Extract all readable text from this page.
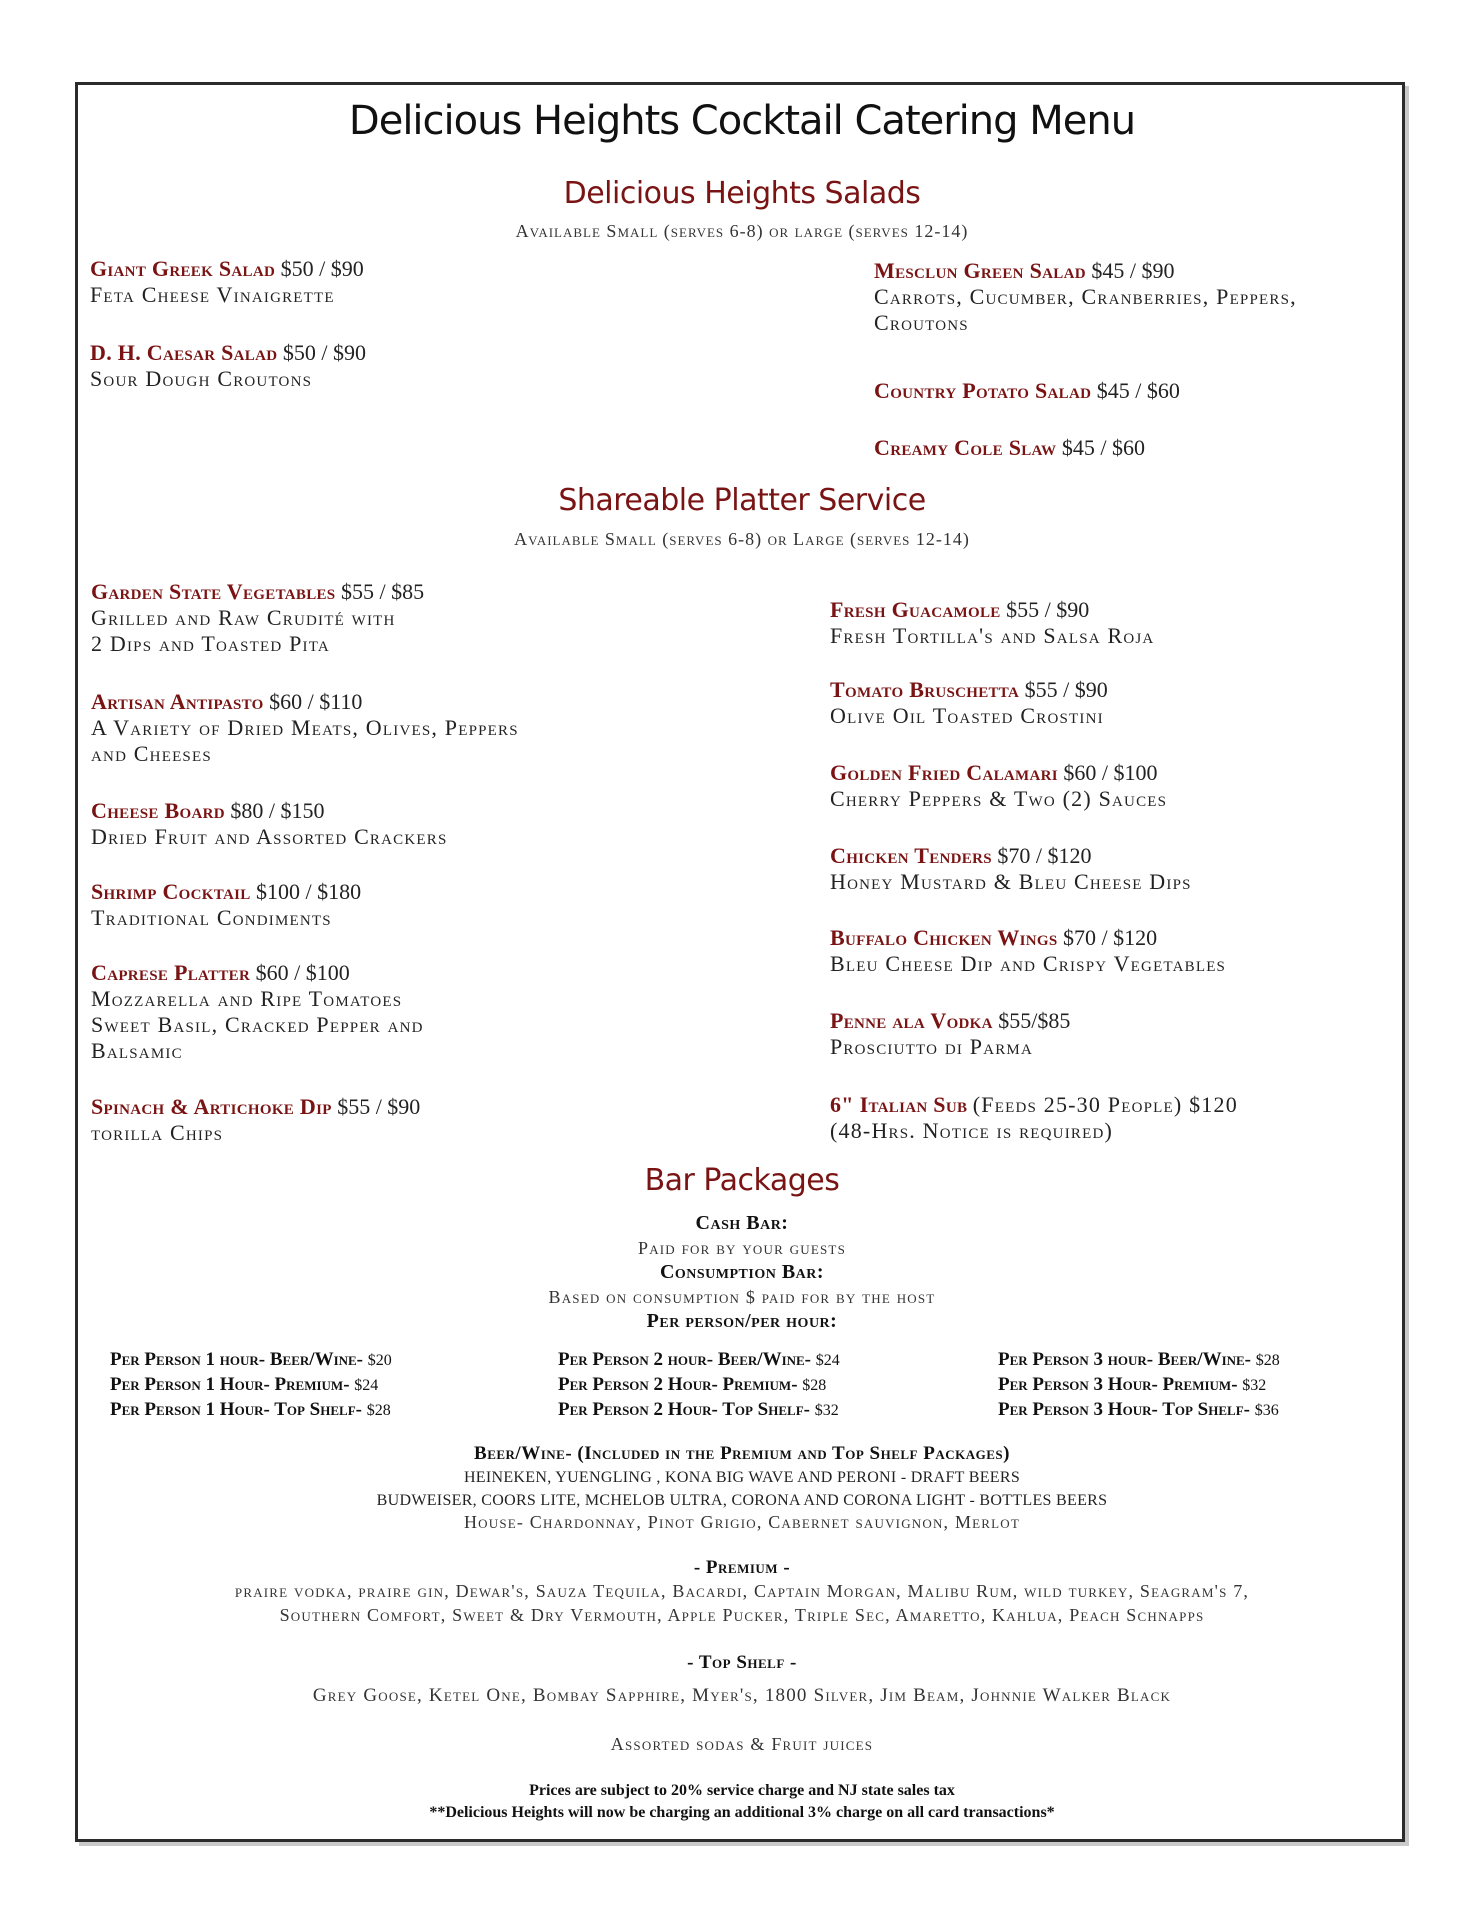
Delicious Heights Cocktail Catering Menu
Delicious Heights Salads
Available Small (serves 6-8) or large (serves 12-14)
Giant Greek Salad $50 / $90
Feta Cheese Vinaigrette
D. H. Caesar Salad $50 / $90
Sour Dough Croutons
Mesclun Green Salad $45 / $90
Carrots, Cucumber, Cranberries, Peppers, Croutons
Country Potato Salad $45 / $60
Creamy Cole Slaw $45 / $60
Shareable Platter Service
Available Small (serves 6-8) or Large (serves 12-14)
Garden State Vegetables $55 / $85
Grilled and Raw Crudité with
2 Dips and Toasted Pita
Artisan Antipasto $60 / $110
A Variety of Dried Meats, Olives, Peppers
and Cheeses
Cheese Board $80 / $150
Dried Fruit and Assorted Crackers
Shrimp Cocktail $100 / $180
Traditional Condiments
Caprese Platter $60 / $100
Mozzarella and Ripe Tomatoes
Sweet Basil, Cracked Pepper and
Balsamic
Spinach & Artichoke Dip $55 / $90
torilla Chips
Fresh Guacamole $55 / $90
Fresh Tortilla's and Salsa Roja
Tomato Bruschetta $55 / $90
Olive Oil Toasted Crostini
Golden Fried Calamari $60 / $100
Cherry Peppers & Two (2) Sauces
Chicken Tenders $70 / $120
Honey Mustard & Bleu Cheese Dips
Buffalo Chicken Wings $70 / $120
Bleu Cheese Dip and Crispy Vegetables
Penne ala Vodka $55/$85
Prosciutto di Parma
6" Italian Sub (Feeds 25-30 People) $120
(48-Hrs. Notice is required)
Bar Packages
Cash Bar:
Paid for by your guests
Consumption Bar:
Based on consumption $ paid for by the host
Per person/per hour:
Per Person 1 hour- Beer/Wine- $20
Per Person 1 Hour- Premium- $24
Per Person 1 Hour- Top Shelf- $28
Per Person 2 hour- Beer/Wine- $24
Per Person 2 Hour- Premium- $28
Per Person 2 Hour- Top Shelf- $32
Per Person 3 hour- Beer/Wine- $28
Per Person 3 Hour- Premium- $32
Per Person 3 Hour- Top Shelf- $36
Beer/Wine- (Included in the Premium and Top Shelf Packages)
HEINEKEN, YUENGLING , KONA BIG WAVE AND PERONI - DRAFT BEERS
BUDWEISER, COORS LITE, MCHELOB ULTRA, CORONA AND CORONA LIGHT - BOTTLES BEERS
House- Chardonnay, Pinot Grigio, Cabernet sauvignon, Merlot
- Premium -
praire vodka, praire gin, Dewar's, Sauza Tequila, Bacardi, Captain Morgan, Malibu Rum, wild turkey, Seagram's 7,
Southern Comfort, Sweet & Dry Vermouth, Apple Pucker, Triple Sec, Amaretto, Kahlua, Peach Schnapps
- Top Shelf -
Grey Goose, Ketel One, Bombay Sapphire, Myer's, 1800 Silver, Jim Beam, Johnnie Walker Black
Assorted sodas & Fruit juices
Prices are subject to 20% service charge and NJ state sales tax
**Delicious Heights will now be charging an additional 3% charge on all card transactions*
